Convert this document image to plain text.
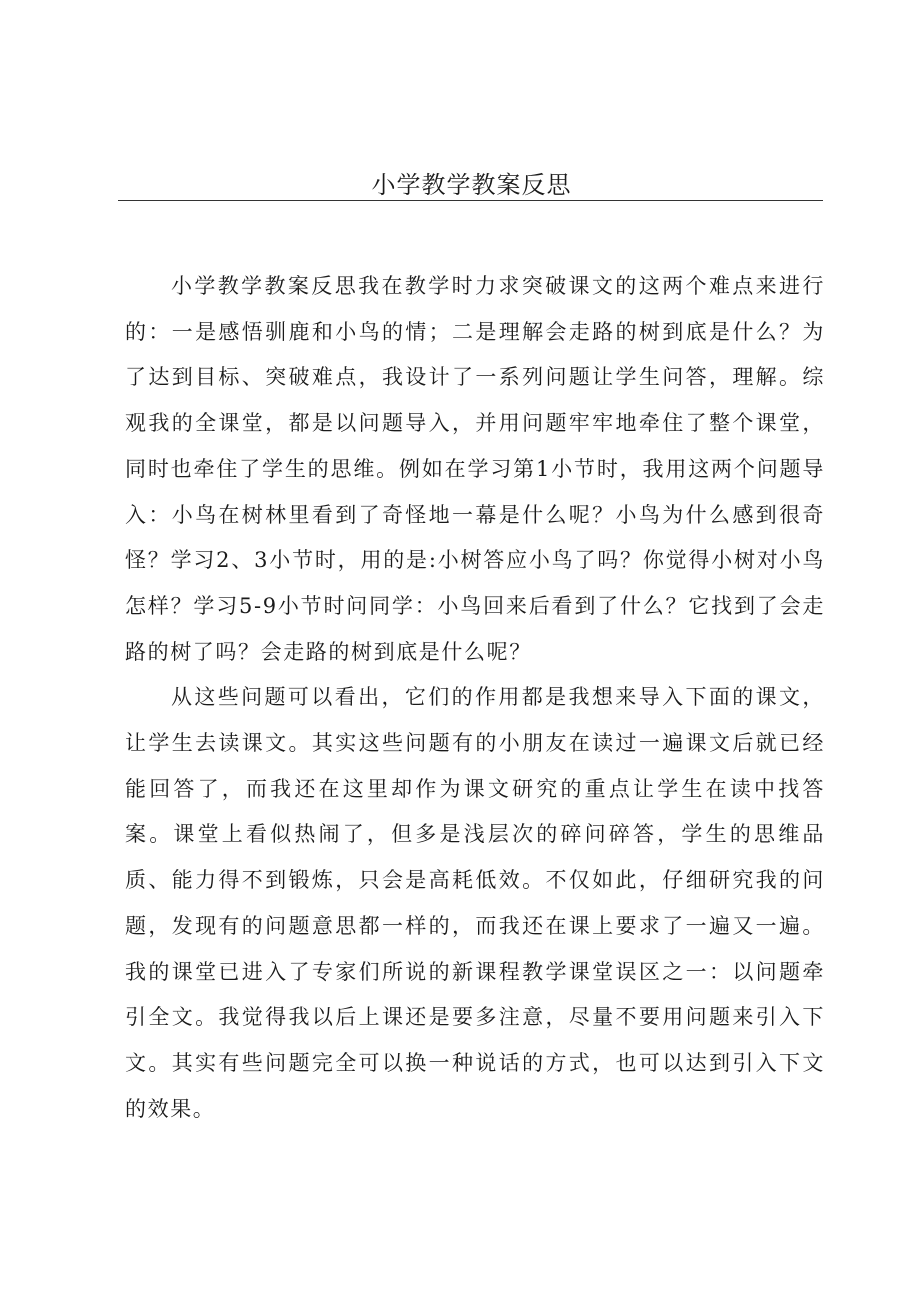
小学教学教案反思

小学教学教案反思我在教学时力求突破课文的这两个难点来进行的：一是感悟驯鹿和小鸟的情；二是理解会走路的树到底是什么？为了达到目标、突破难点，我设计了一系列问题让学生问答，理解。综观我的全课堂，都是以问题导入，并用问题牢牢地牵住了整个课堂，同时也牵住了学生的思维。例如在学习第1小节时，我用这两个问题导入：小鸟在树林里看到了奇怪地一幕是什么呢？小鸟为什么感到很奇怪？学习2、3小节时，用的是:小树答应小鸟了吗？你觉得小树对小鸟怎样？学习5-9小节时问同学：小鸟回来后看到了什么？它找到了会走路的树了吗？会走路的树到底是什么呢？

从这些问题可以看出，它们的作用都是我想来导入下面的课文，让学生去读课文。其实这些问题有的小朋友在读过一遍课文后就已经能回答了，而我还在这里却作为课文研究的重点让学生在读中找答案。课堂上看似热闹了，但多是浅层次的碎问碎答，学生的思维品质、能力得不到锻炼，只会是高耗低效。不仅如此，仔细研究我的问题，发现有的问题意思都一样的，而我还在课上要求了一遍又一遍。我的课堂已进入了专家们所说的新课程教学课堂误区之一：以问题牵引全文。我觉得我以后上课还是要多注意，尽量不要用问题来引入下文。其实有些问题完全可以换一种说话的方式，也可以达到引入下文的效果。
